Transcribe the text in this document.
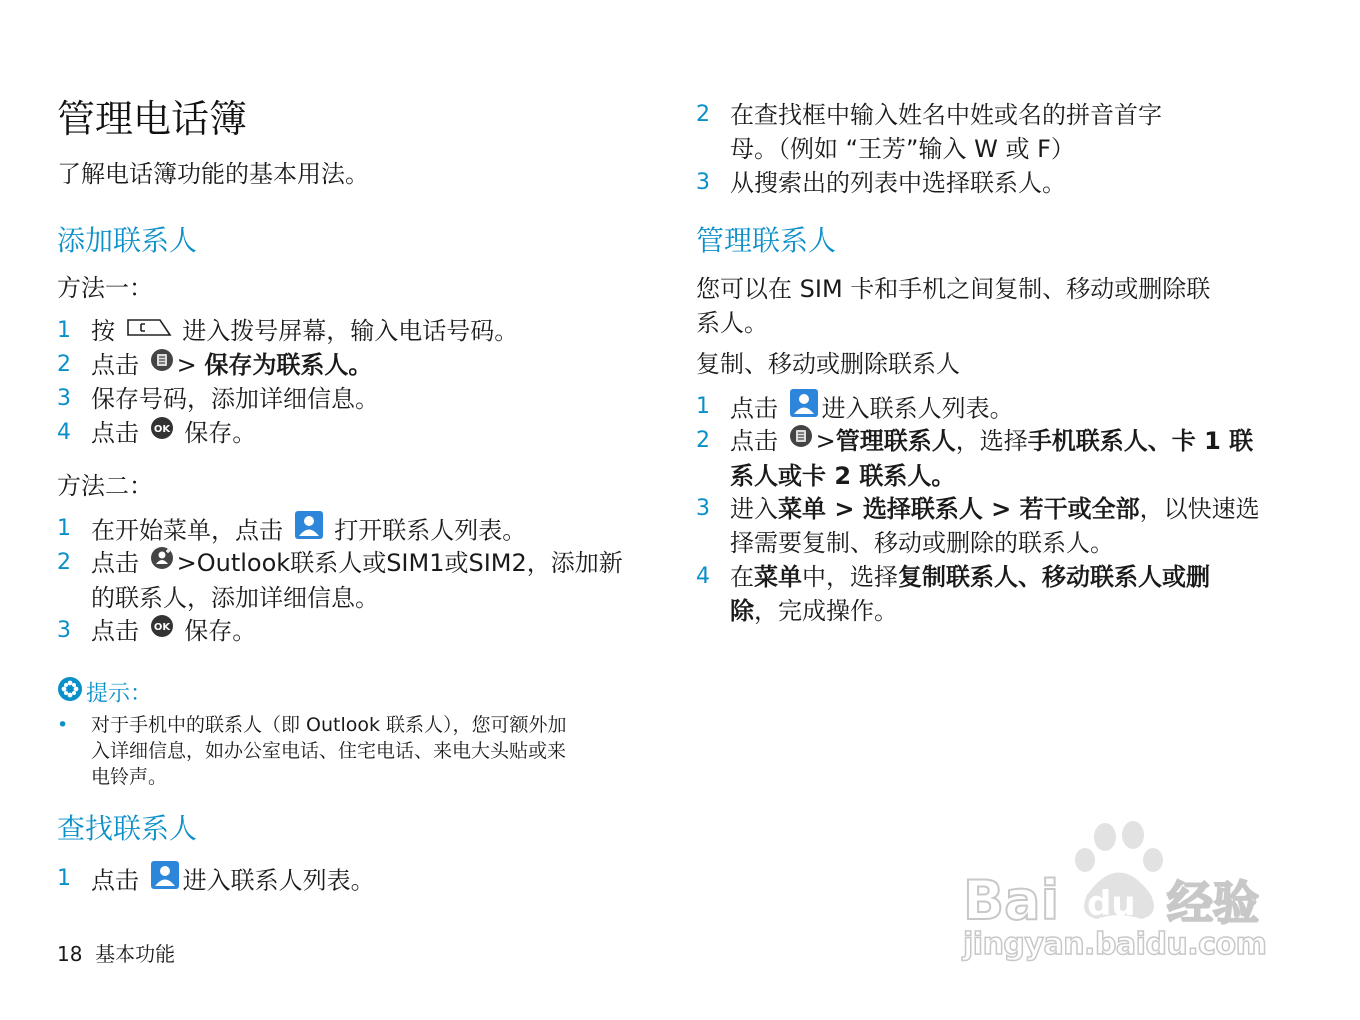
管理电话簿
了解电话簿功能的基本用法。
添加联系人
方法一：
1 按	进入拨号屏幕，输入电话号码。
2 点击 > 保存为联系人。
3 保存号码，添加详细信息。
4 点击 OK 保存。
方法二：
1 在开始菜单，点击 打开联系人列表。
2 点击 >Outlook联系人或SIM1或SIM2，添加新
的联系人，添加详细信息。
3 点击 OK 保存。
提示：
• 对于手机中的联系人（即 Outlook 联系人），您可额外加
入详细信息，如办公室电话、住宅电话、来电大头贴或来
电铃声。
查找联系人
1 点击 进入联系人列表。
18 基本功能
2 在查找框中输入姓名中姓或名的拼音首字
母。（例如 “王芳”输入 W 或 F）
3 从搜索出的列表中选择联系人。
管理联系人
您可以在 SIM 卡和手机之间复制、移动或删除联
系人。
复制、移动或删除联系人
1 点击 进入联系人列表。
2 点击 >管理联系人，选择手机联系人、卡 1 联
系人或卡 2 联系人。
3 进入菜单 > 选择联系人 > 若干或全部，以快速选
择需要复制、移动或删除的联系人。
4 在菜单中，选择复制联系人、移动联系人或删
除，完成操作。
Bai du 经验
jingyan.baidu.com
